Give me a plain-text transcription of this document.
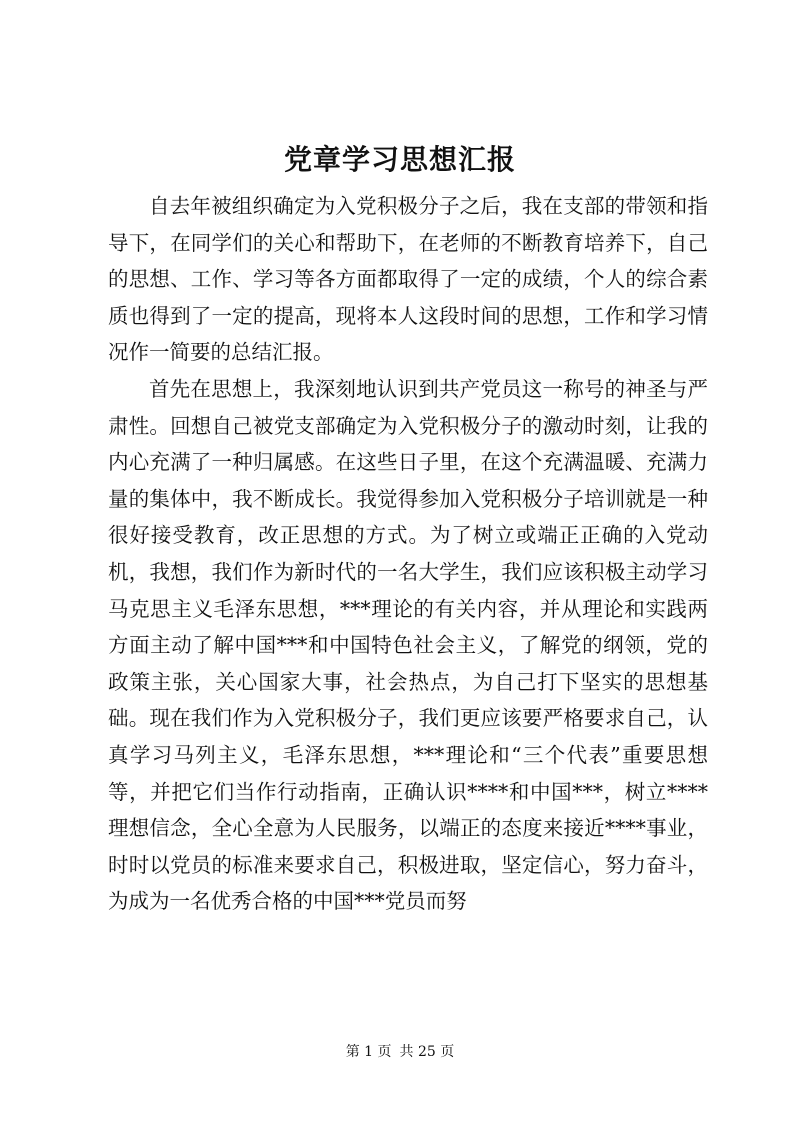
党章学习思想汇报

自去年被组织确定为入党积极分子之后，我在支部的带领和指导下，在同学们的关心和帮助下，在老师的不断教育培养下，自己的思想、工作、学习等各方面都取得了一定的成绩，个人的综合素质也得到了一定的提高，现将本人这段时间的思想，工作和学习情况作一简要的总结汇报。

首先在思想上，我深刻地认识到共产党员这一称号的神圣与严肃性。回想自己被党支部确定为入党积极分子的激动时刻，让我的内心充满了一种归属感。在这些日子里，在这个充满温暖、充满力量的集体中，我不断成长。我觉得参加入党积极分子培训就是一种很好接受教育，改正思想的方式。为了树立或端正正确的入党动机，我想，我们作为新时代的一名大学生，我们应该积极主动学习马克思主义毛泽东思想，***理论的有关内容，并从理论和实践两方面主动了解中国***和中国特色社会主义，了解党的纲领，党的政策主张，关心国家大事，社会热点，为自己打下坚实的思想基础。现在我们作为入党积极分子，我们更应该要严格要求自己，认真学习马列主义，毛泽东思想，***理论和“三个代表”重要思想等，并把它们当作行动指南，正确认识****和中国***，树立****理想信念，全心全意为人民服务，以端正的态度来接近****事业，时时以党员的标准来要求自己，积极进取，坚定信心，努力奋斗，为成为一名优秀合格的中国***党员而努

第 1 页 共 25 页
